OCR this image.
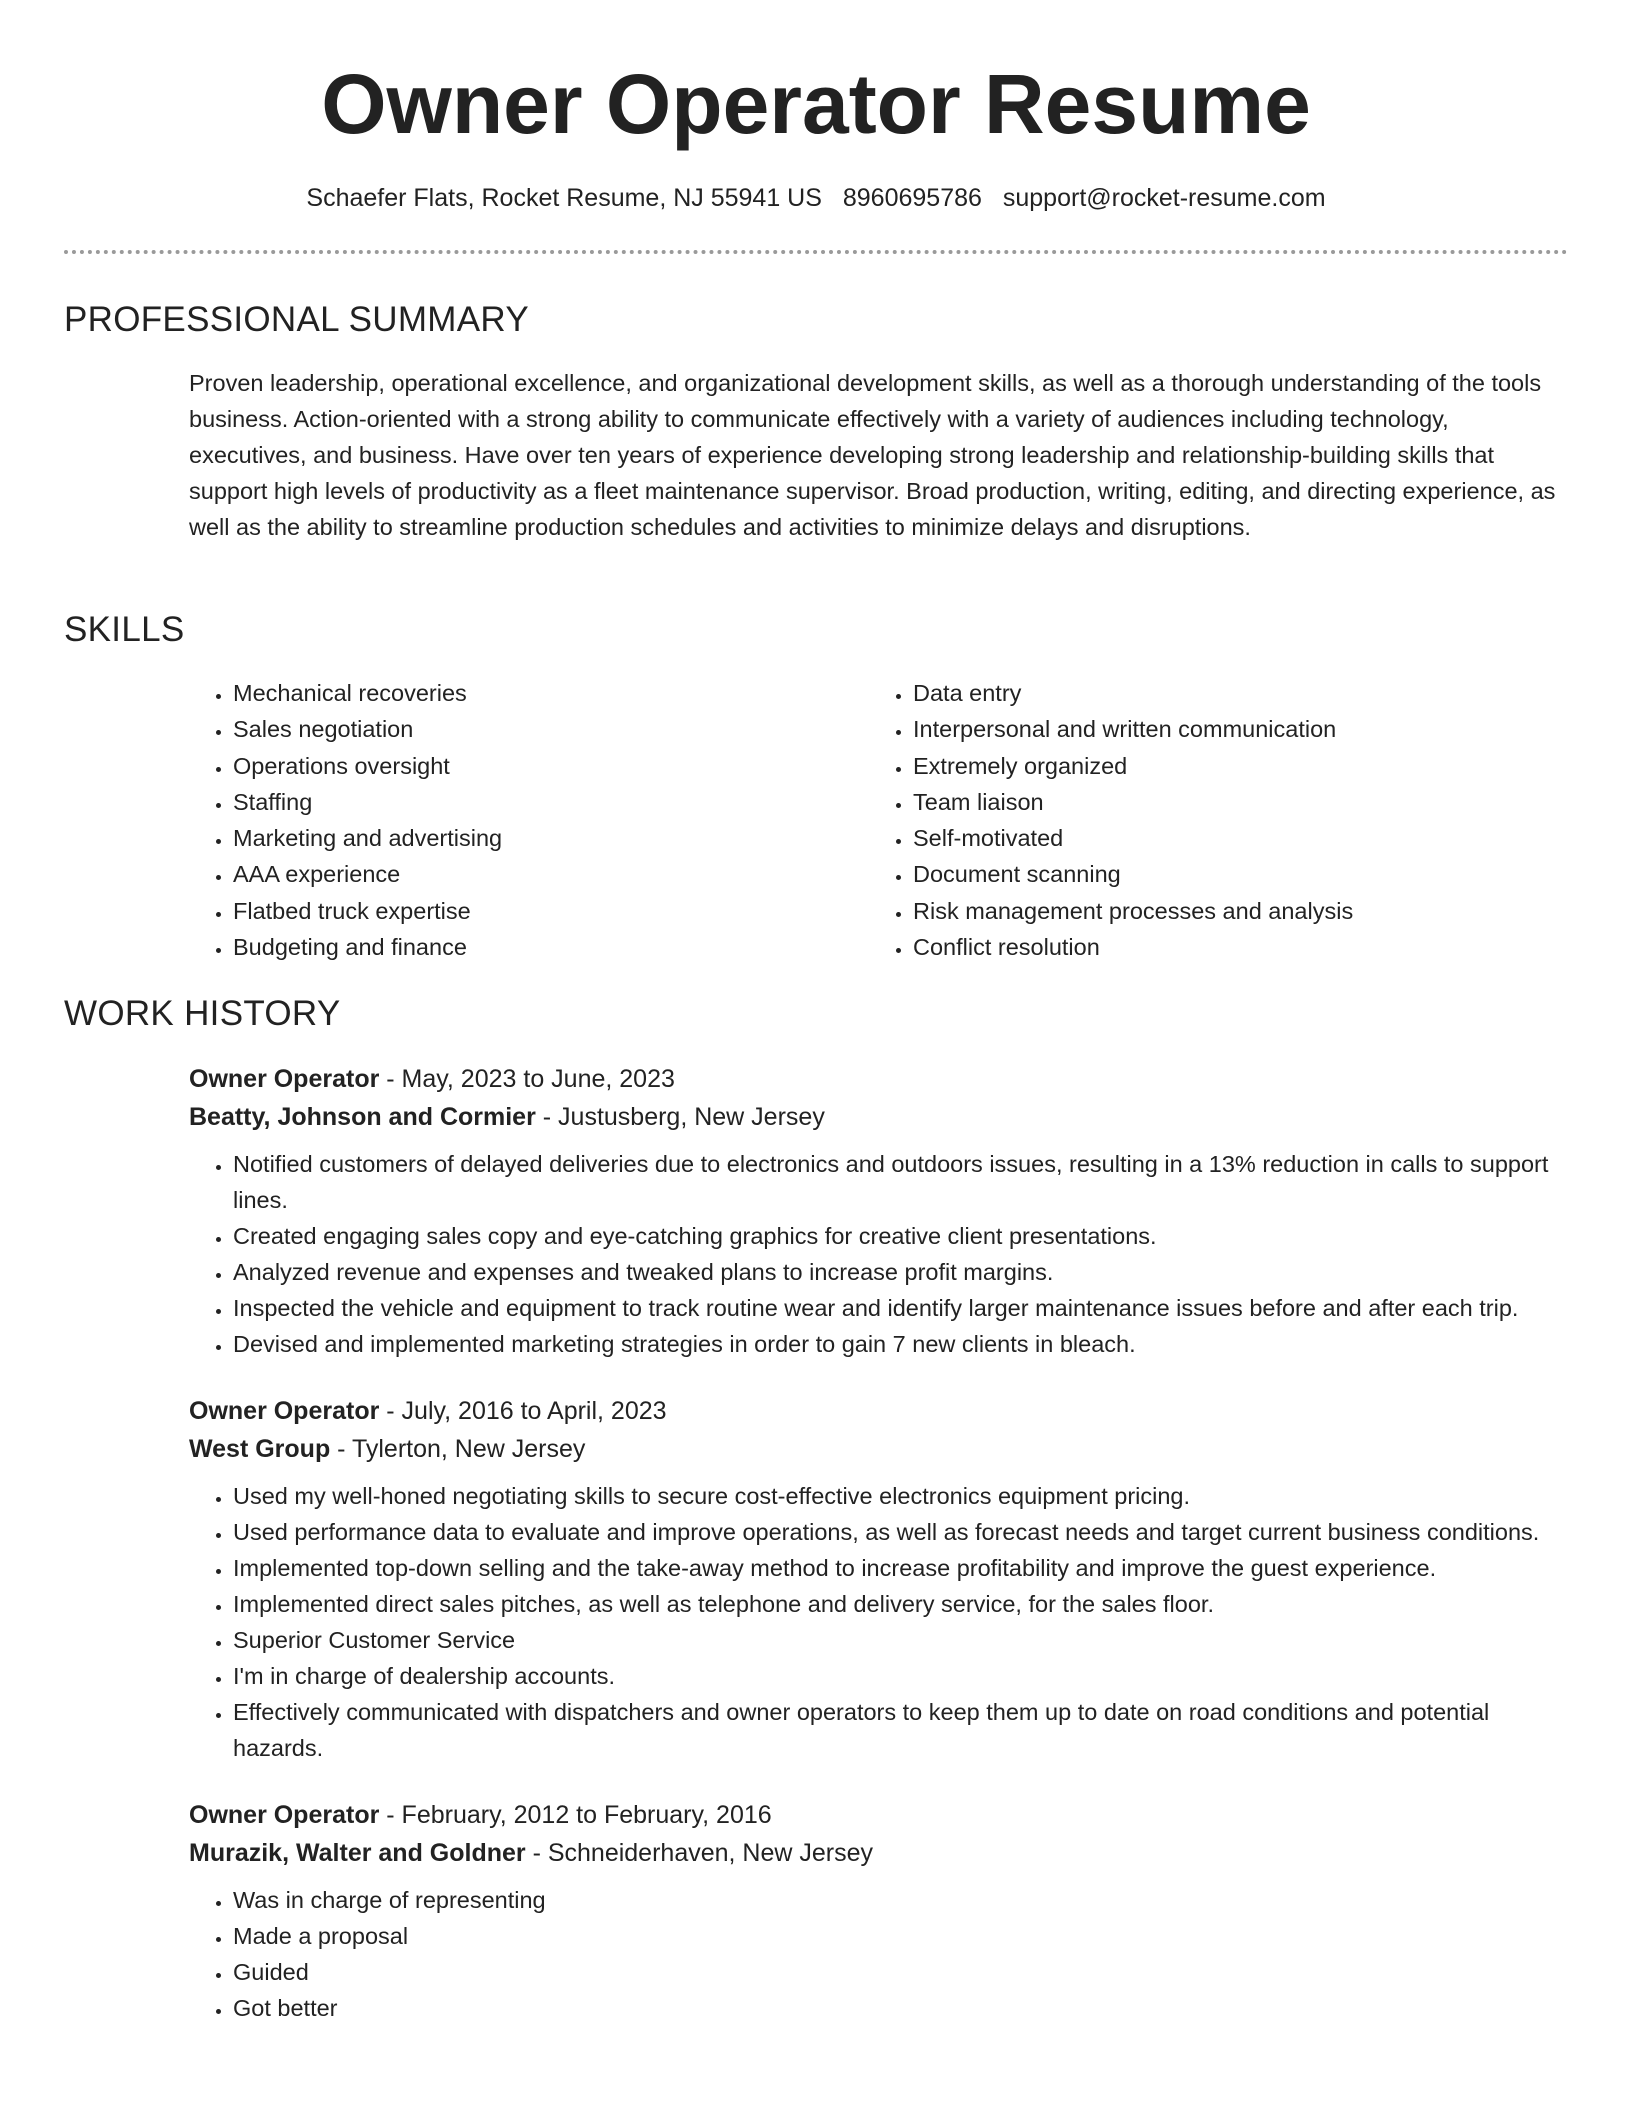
Owner Operator Resume
Schaefer Flats, Rocket Resume, NJ 55941 US 8960695786 support@rocket-resume.com
PROFESSIONAL SUMMARY

Proven leadership, operational excellence, and organizational development skills, as well as a thorough understanding of the tools business. Action-oriented with a strong ability to communicate effectively with a variety of audiences including technology, executives, and business. Have over ten years of experience developing strong leadership and relationship-building skills that support high levels of productivity as a fleet maintenance supervisor. Broad production, writing, editing, and directing experience, as well as the ability to streamline production schedules and activities to minimize delays and disruptions.

SKILLS
• Mechanical recoveries
• Sales negotiation
• Operations oversight
• Staffing
• Marketing and advertising
• AAA experience
• Flatbed truck expertise
• Budgeting and finance
• Data entry
• Interpersonal and written communication
• Extremely organized
• Team liaison
• Self-motivated
• Document scanning
• Risk management processes and analysis
• Conflict resolution
WORK HISTORY

Owner Operator - May, 2023 to June, 2023

Beatty, Johnson and Cormier - Justusberg, New Jersey

• Notified customers of delayed deliveries due to electronics and outdoors issues, resulting in a 13% reduction in calls to support lines.
• Created engaging sales copy and eye-catching graphics for creative client presentations.
• Analyzed revenue and expenses and tweaked plans to increase profit margins.
• Inspected the vehicle and equipment to track routine wear and identify larger maintenance issues before and after each trip.
• Devised and implemented marketing strategies in order to gain 7 new clients in bleach.

Owner Operator - July, 2016 to April, 2023

West Group - Tylerton, New Jersey

• Used my well-honed negotiating skills to secure cost-effective electronics equipment pricing.
• Used performance data to evaluate and improve operations, as well as forecast needs and target current business conditions.
• Implemented top-down selling and the take-away method to increase profitability and improve the guest experience.
• Implemented direct sales pitches, as well as telephone and delivery service, for the sales floor.
• Superior Customer Service
• I'm in charge of dealership accounts.
• Effectively communicated with dispatchers and owner operators to keep them up to date on road conditions and potential hazards.

Owner Operator - February, 2012 to February, 2016

Murazik, Walter and Goldner - Schneiderhaven, New Jersey

• Was in charge of representing
• Made a proposal
• Guided
• Got better
